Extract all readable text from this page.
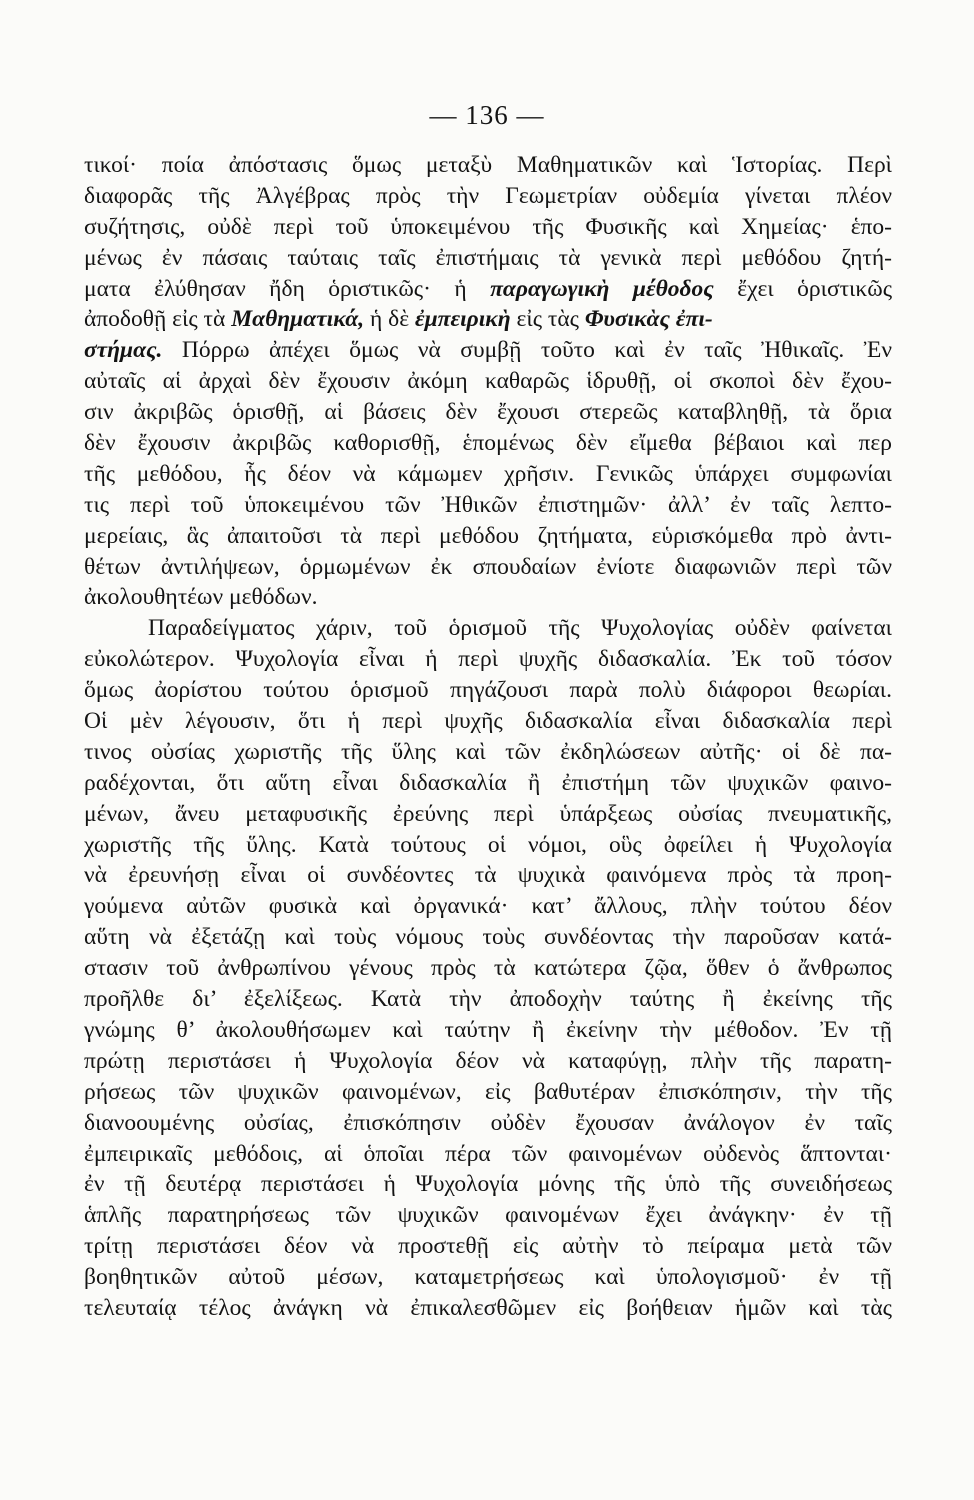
— 136 —
τικοί· ποία ἀπόστασις ὅμως μεταξὺ Μαθηματικῶν καὶ Ἱστορίας. Περὶ
διαφορᾶς τῆς Ἀλγέβρας πρὸς τὴν Γεωμετρίαν οὐδεμία γίνεται πλέον
συζήτησις, οὐδὲ περὶ τοῦ ὑποκειμένου τῆς Φυσικῆς καὶ Χημείας· ἑπο-
μένως ἐν πάσαις ταύταις ταῖς ἐπιστήμαις τὰ γενικὰ περὶ μεθόδου ζητή-
ματα ἐλύθησαν ἤδη ὁριστικῶς· ἡ παραγωγικὴ μέθοδος ἔχει ὁριστικῶς
ἀποδοθῇ εἰς τὰ Μαθηματικά, ἡ δὲ ἐμπειρικὴ εἰς τὰς Φυσικὰς ἐπι-
στήμας. Πόρρω ἀπέχει ὅμως νὰ συμβῇ τοῦτο καὶ ἐν ταῖς Ἠθικαῖς. Ἐν
αὐταῖς αἱ ἀρχαὶ δὲν ἔχουσιν ἀκόμη καθαρῶς ἱδρυθῇ, οἱ σκοποὶ δὲν ἔχου-
σιν ἀκριβῶς ὁρισθῇ, αἱ βάσεις δὲν ἔχουσι στερεῶς καταβληθῇ, τὰ ὅρια
δὲν ἔχουσιν ἀκριβῶς καθορισθῇ, ἑπομένως δὲν εἴμεθα βέβαιοι καὶ περ
τῆς μεθόδου, ἧς δέον νὰ κάμωμεν χρῆσιν. Γενικῶς ὑπάρχει συμφωνίαι
τις περὶ τοῦ ὑποκειμένου τῶν Ἠθικῶν ἐπιστημῶν· ἀλλ’ ἐν ταῖς λεπτο-
μερείαις, ἃς ἀπαιτοῦσι τὰ περὶ μεθόδου ζητήματα, εὑρισκόμεθα πρὸ ἀντι-
θέτων ἀντιλήψεων, ὁρμωμένων ἐκ σπουδαίων ἐνίοτε διαφωνιῶν περὶ τῶν
ἀκολουθητέων μεθόδων.
Παραδείγματος χάριν, τοῦ ὁρισμοῦ τῆς Ψυχολογίας οὐδὲν φαίνεται
εὐκολώτερον. Ψυχολογία εἶναι ἡ περὶ ψυχῆς διδασκαλία. Ἐκ τοῦ τόσον
ὅμως ἀορίστου τούτου ὁρισμοῦ πηγάζουσι παρὰ πολὺ διάφοροι θεωρίαι.
Οἱ μὲν λέγουσιν, ὅτι ἡ περὶ ψυχῆς διδασκαλία εἶναι διδασκαλία περὶ
τινος οὐσίας χωριστῆς τῆς ὕλης καὶ τῶν ἐκδηλώσεων αὐτῆς· οἱ δὲ πα-
ραδέχονται, ὅτι αὕτη εἶναι διδασκαλία ἢ ἐπιστήμη τῶν ψυχικῶν φαινο-
μένων, ἄνευ μεταφυσικῆς ἐρεύνης περὶ ὑπάρξεως οὐσίας πνευματικῆς,
χωριστῆς τῆς ὕλης. Κατὰ τούτους οἱ νόμοι, οὓς ὀφείλει ἡ Ψυχολογία
νὰ ἐρευνήσῃ εἶναι οἱ συνδέοντες τὰ ψυχικὰ φαινόμενα πρὸς τὰ προη-
γούμενα αὐτῶν φυσικὰ καὶ ὀργανικά· κατ’ ἄλλους, πλὴν τούτου δέον
αὕτη νὰ ἐξετάζῃ καὶ τοὺς νόμους τοὺς συνδέοντας τὴν παροῦσαν κατά-
στασιν τοῦ ἀνθρωπίνου γένους πρὸς τὰ κατώτερα ζῷα, ὅθεν ὁ ἄνθρωπος
προῆλθε δι’ ἐξελίξεως. Κατὰ τὴν ἀποδοχὴν ταύτης ἢ ἐκείνης τῆς
γνώμης θ’ ἀκολουθήσωμεν καὶ ταύτην ἢ ἐκείνην τὴν μέθοδον. Ἐν τῇ
πρώτῃ περιστάσει ἡ Ψυχολογία δέον νὰ καταφύγῃ, πλὴν τῆς παρατη-
ρήσεως τῶν ψυχικῶν φαινομένων, εἰς βαθυτέραν ἐπισκόπησιν, τὴν τῆς
διανοουμένης οὐσίας, ἐπισκόπησιν οὐδὲν ἔχουσαν ἀνάλογον ἐν ταῖς
ἐμπειρικαῖς μεθόδοις, αἱ ὁποῖαι πέρα τῶν φαινομένων οὐδενὸς ἅπτονται·
ἐν τῇ δευτέρᾳ περιστάσει ἡ Ψυχολογία μόνης τῆς ὑπὸ τῆς συνειδήσεως
ἁπλῆς παρατηρήσεως τῶν ψυχικῶν φαινομένων ἔχει ἀνάγκην· ἐν τῇ
τρίτῃ περιστάσει δέον νὰ προστεθῇ εἰς αὐτὴν τὸ πείραμα μετὰ τῶν
βοηθητικῶν αὐτοῦ μέσων, καταμετρήσεως καὶ ὑπολογισμοῦ· ἐν τῇ
τελευταίᾳ τέλος ἀνάγκη νὰ ἐπικαλεσθῶμεν εἰς βοήθειαν ἡμῶν καὶ τὰς
